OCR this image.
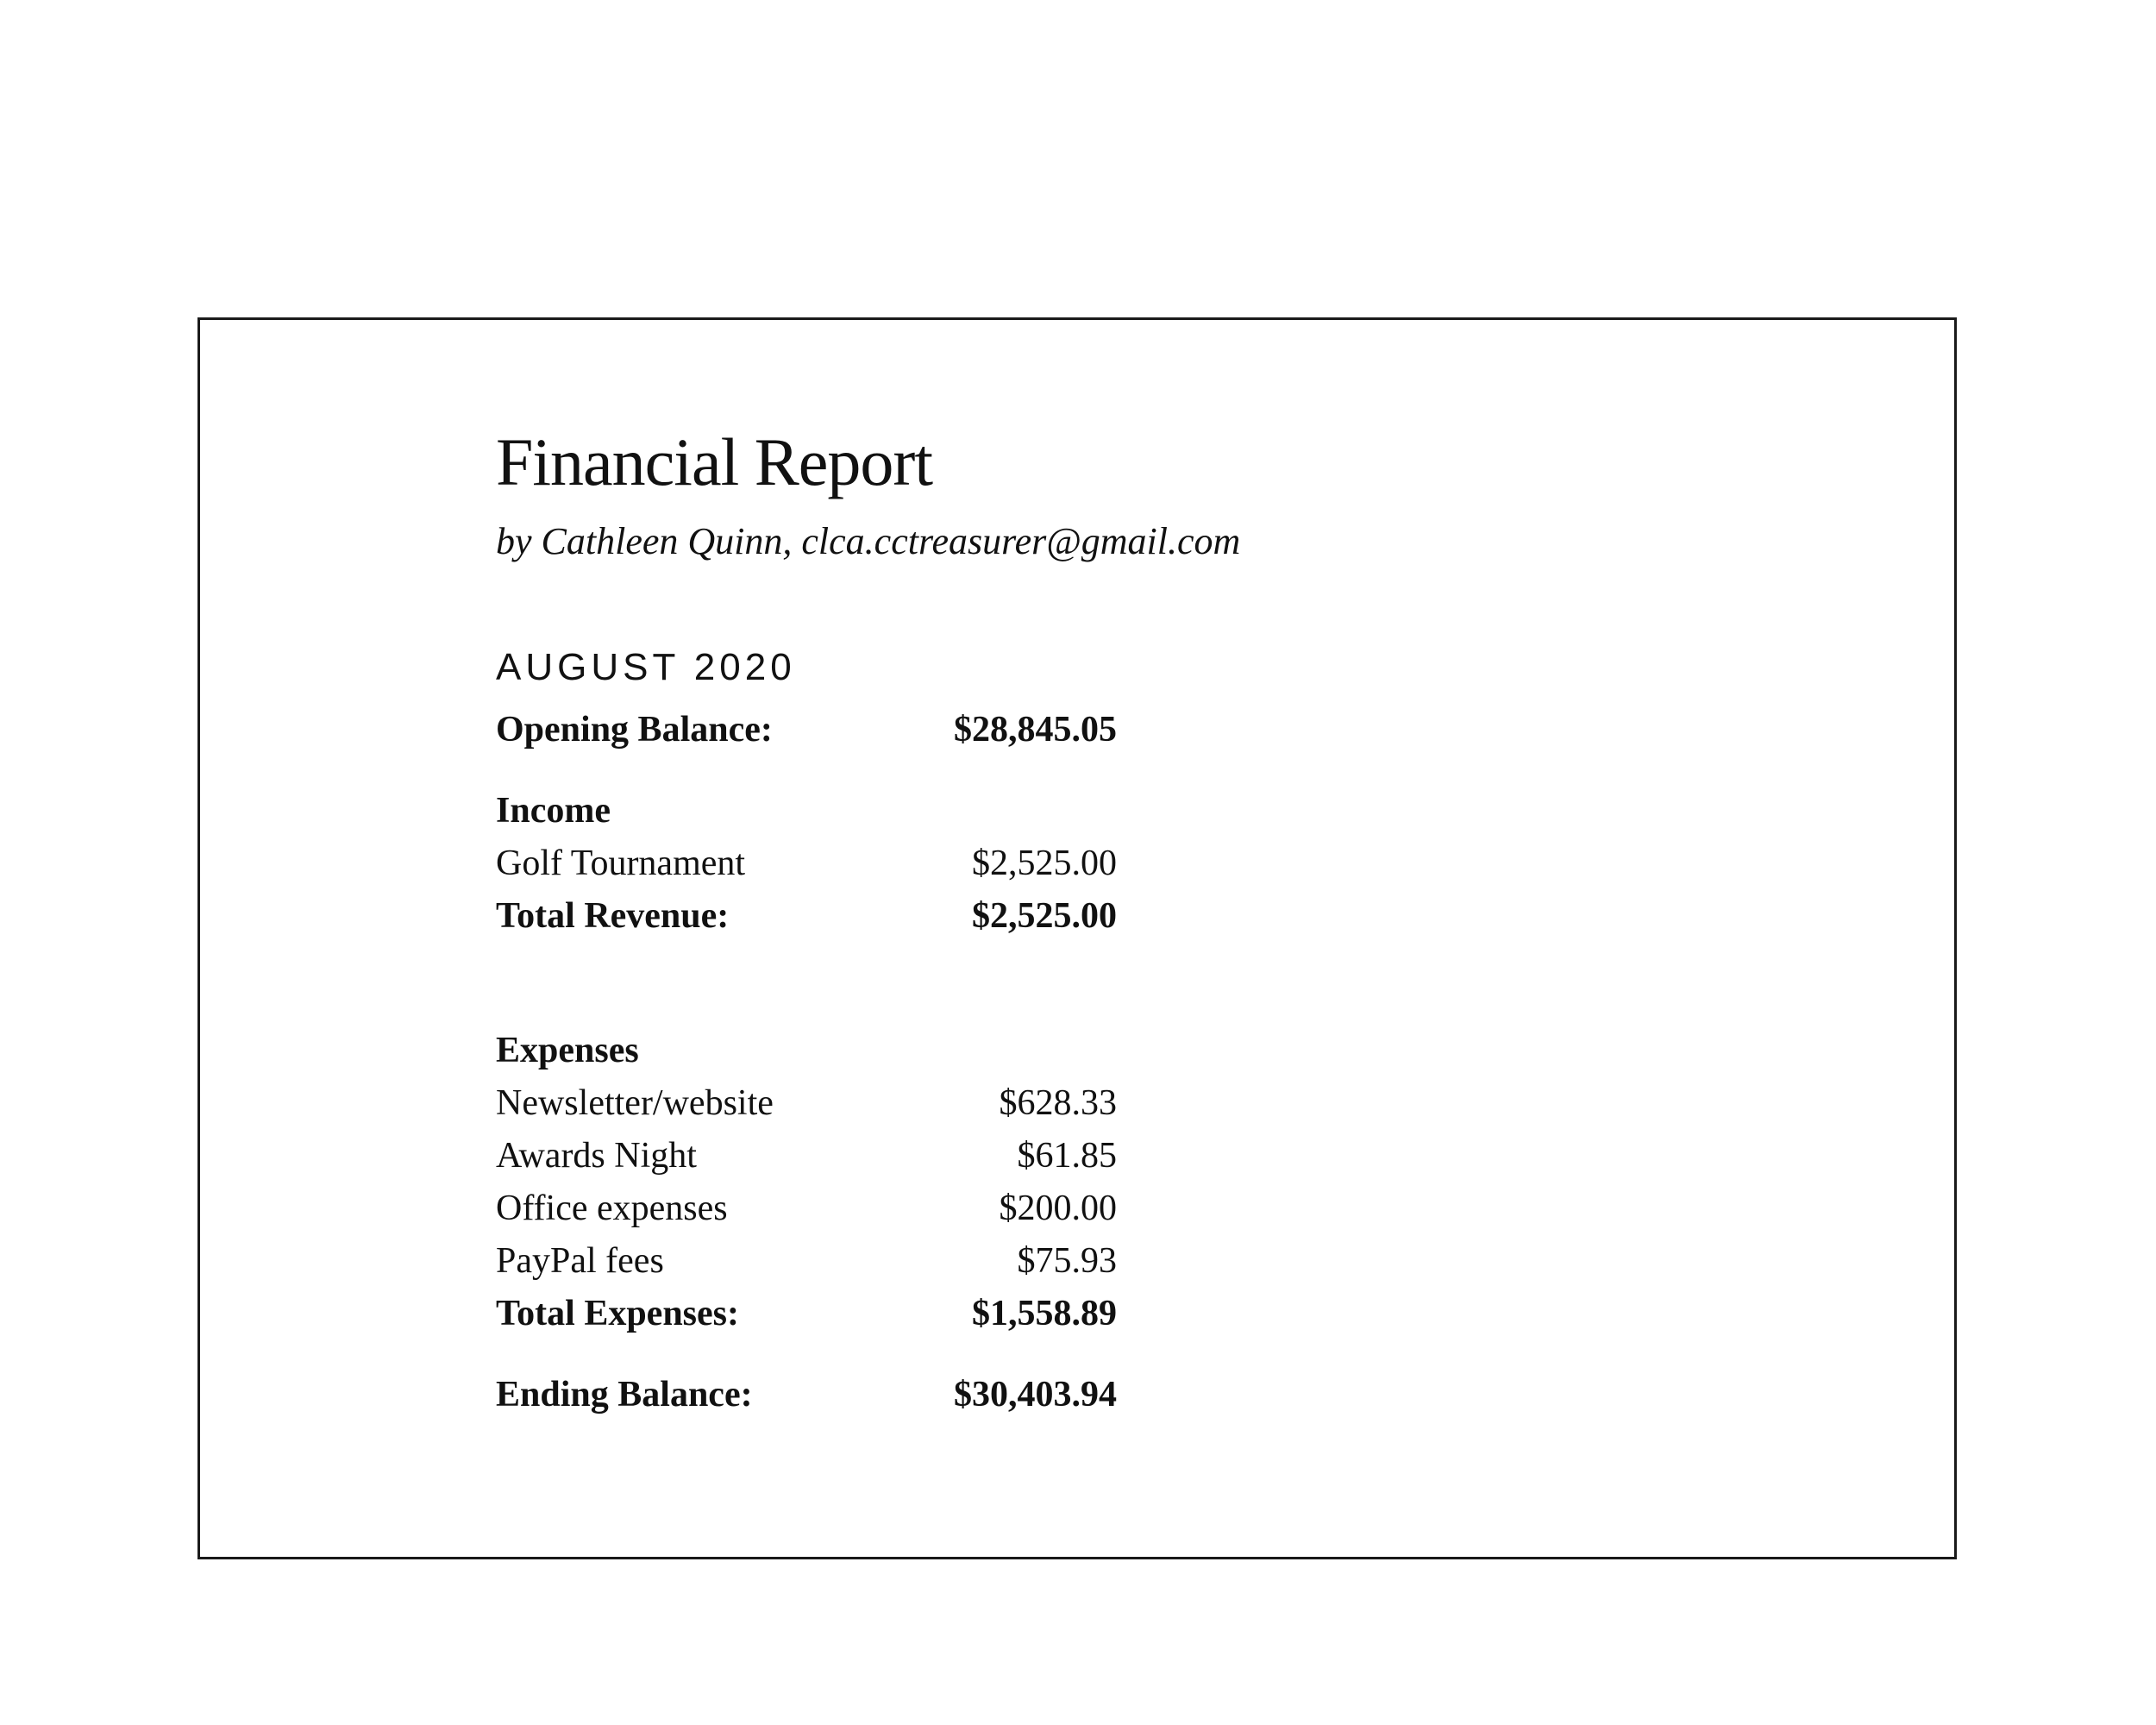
Financial Report
by Cathleen Quinn, clca.cctreasurer@gmail.com
AUGUST 2020
Opening Balance:	$28,845.05
Income
Golf Tournament	$2,525.00
Total Revenue:	$2,525.00
Expenses
Newsletter/website	$628.33
Awards Night	$61.85
Office expenses	$200.00
PayPal fees	$75.93
Total Expenses:	$1,558.89
Ending Balance:	$30,403.94
